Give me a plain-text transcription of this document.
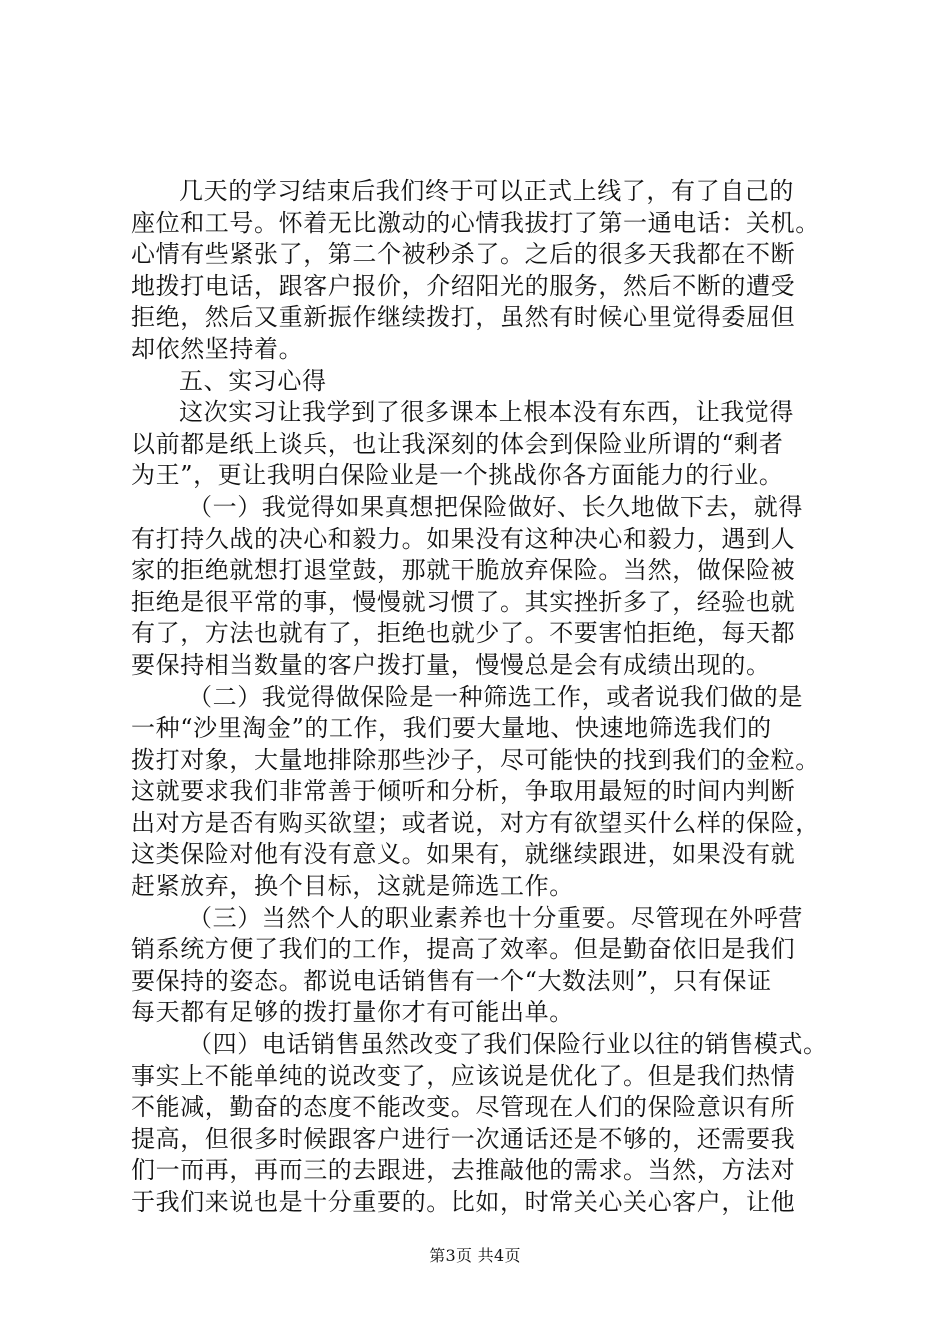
几天的学习结束后我们终于可以正式上线了，有了自己的
座位和工号。怀着无比激动的心情我拔打了第一通电话：关机。
心情有些紧张了，第二个被秒杀了。之后的很多天我都在不断
地拨打电话，跟客户报价，介绍阳光的服务，然后不断的遭受
拒绝，然后又重新振作继续拨打，虽然有时候心里觉得委屈但
却依然坚持着。
五、实习心得
这次实习让我学到了很多课本上根本没有东西，让我觉得
以前都是纸上谈兵，也让我深刻的体会到保险业所谓的“剩者
为王”，更让我明白保险业是一个挑战你各方面能力的行业。
（一）我觉得如果真想把保险做好、长久地做下去，就得
有打持久战的决心和毅力。如果没有这种决心和毅力，遇到人
家的拒绝就想打退堂鼓，那就干脆放弃保险。当然，做保险被
拒绝是很平常的事，慢慢就习惯了。其实挫折多了，经验也就
有了，方法也就有了，拒绝也就少了。不要害怕拒绝，每天都
要保持相当数量的客户拨打量，慢慢总是会有成绩出现的。
（二）我觉得做保险是一种筛选工作，或者说我们做的是
一种“沙里淘金”的工作，我们要大量地、快速地筛选我们的
拨打对象，大量地排除那些沙子，尽可能快的找到我们的金粒。
这就要求我们非常善于倾听和分析，争取用最短的时间内判断
出对方是否有购买欲望；或者说，对方有欲望买什么样的保险，
这类保险对他有没有意义。如果有，就继续跟进，如果没有就
赶紧放弃，换个目标，这就是筛选工作。
（三）当然个人的职业素养也十分重要。尽管现在外呼营
销系统方便了我们的工作，提高了效率。但是勤奋依旧是我们
要保持的姿态。都说电话销售有一个“大数法则”，只有保证
每天都有足够的拨打量你才有可能出单。
（四）电话销售虽然改变了我们保险行业以往的销售模式。
事实上不能单纯的说改变了，应该说是优化了。但是我们热情
不能减，勤奋的态度不能改变。尽管现在人们的保险意识有所
提高，但很多时候跟客户进行一次通话还是不够的，还需要我
们一而再，再而三的去跟进，去推敲他的需求。当然，方法对
于我们来说也是十分重要的。比如，时常关心关心客户，让他
第3页 共4页
